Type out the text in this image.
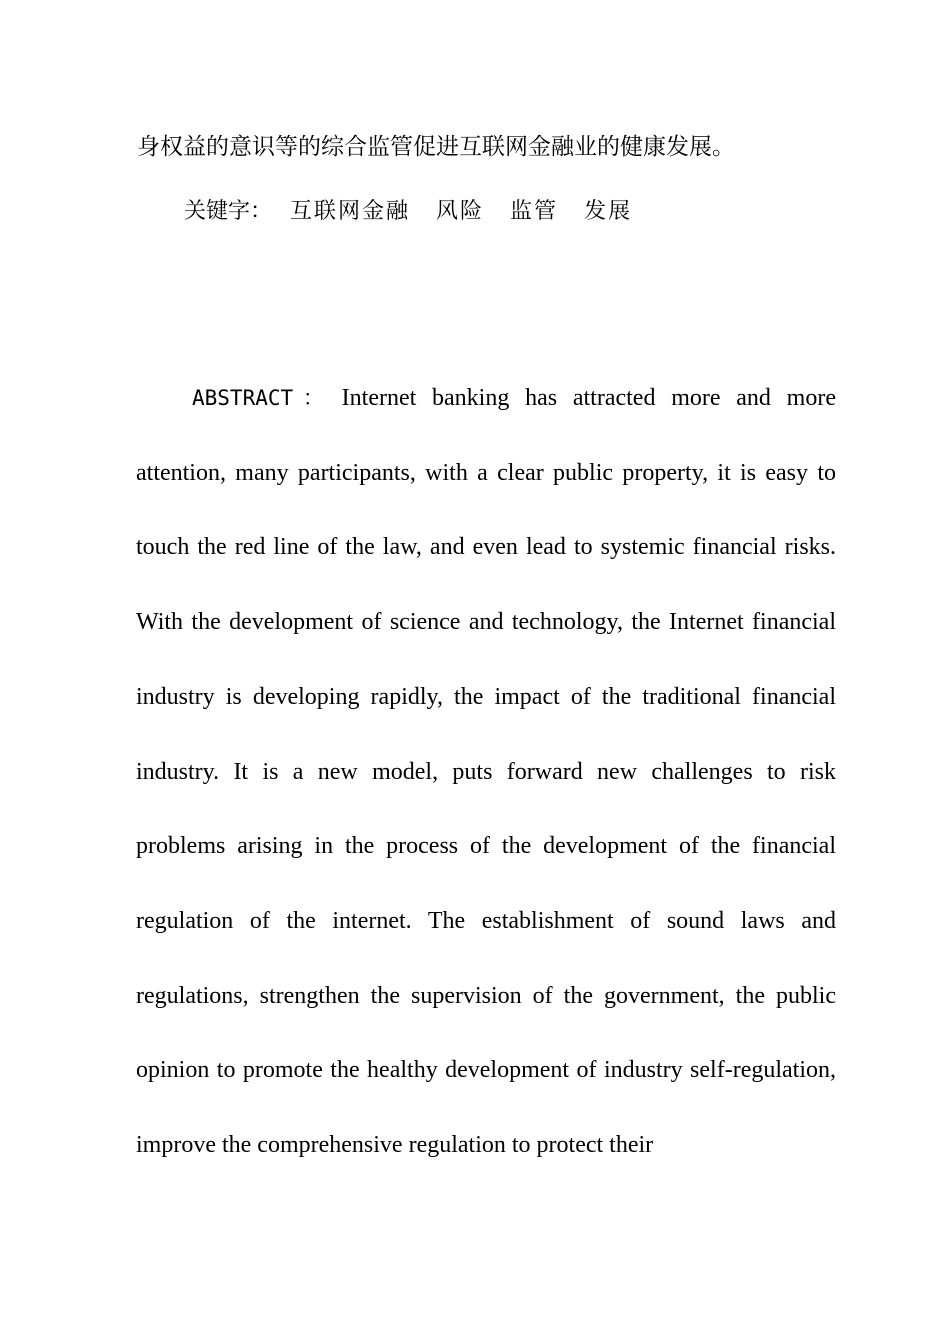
身权益的意识等的综合监管促进互联网金融业的健康发展。
关键字： 互联网金融 风险 监管 发展

ABSTRACT： Internet banking has attracted more and more attention, many participants, with a clear public property, it is easy to touch the red line of the law, and even lead to systemic financial risks. With the development of science and technology, the Internet financial industry is developing rapidly, the impact of the traditional financial industry. It is a new model, puts forward new challenges to risk problems arising in the process of the development of the financial regulation of the internet. The establishment of sound laws and regulations, strengthen the supervision of the government, the public opinion to promote the healthy development of industry self-regulation, improve the comprehensive regulation to protect their
